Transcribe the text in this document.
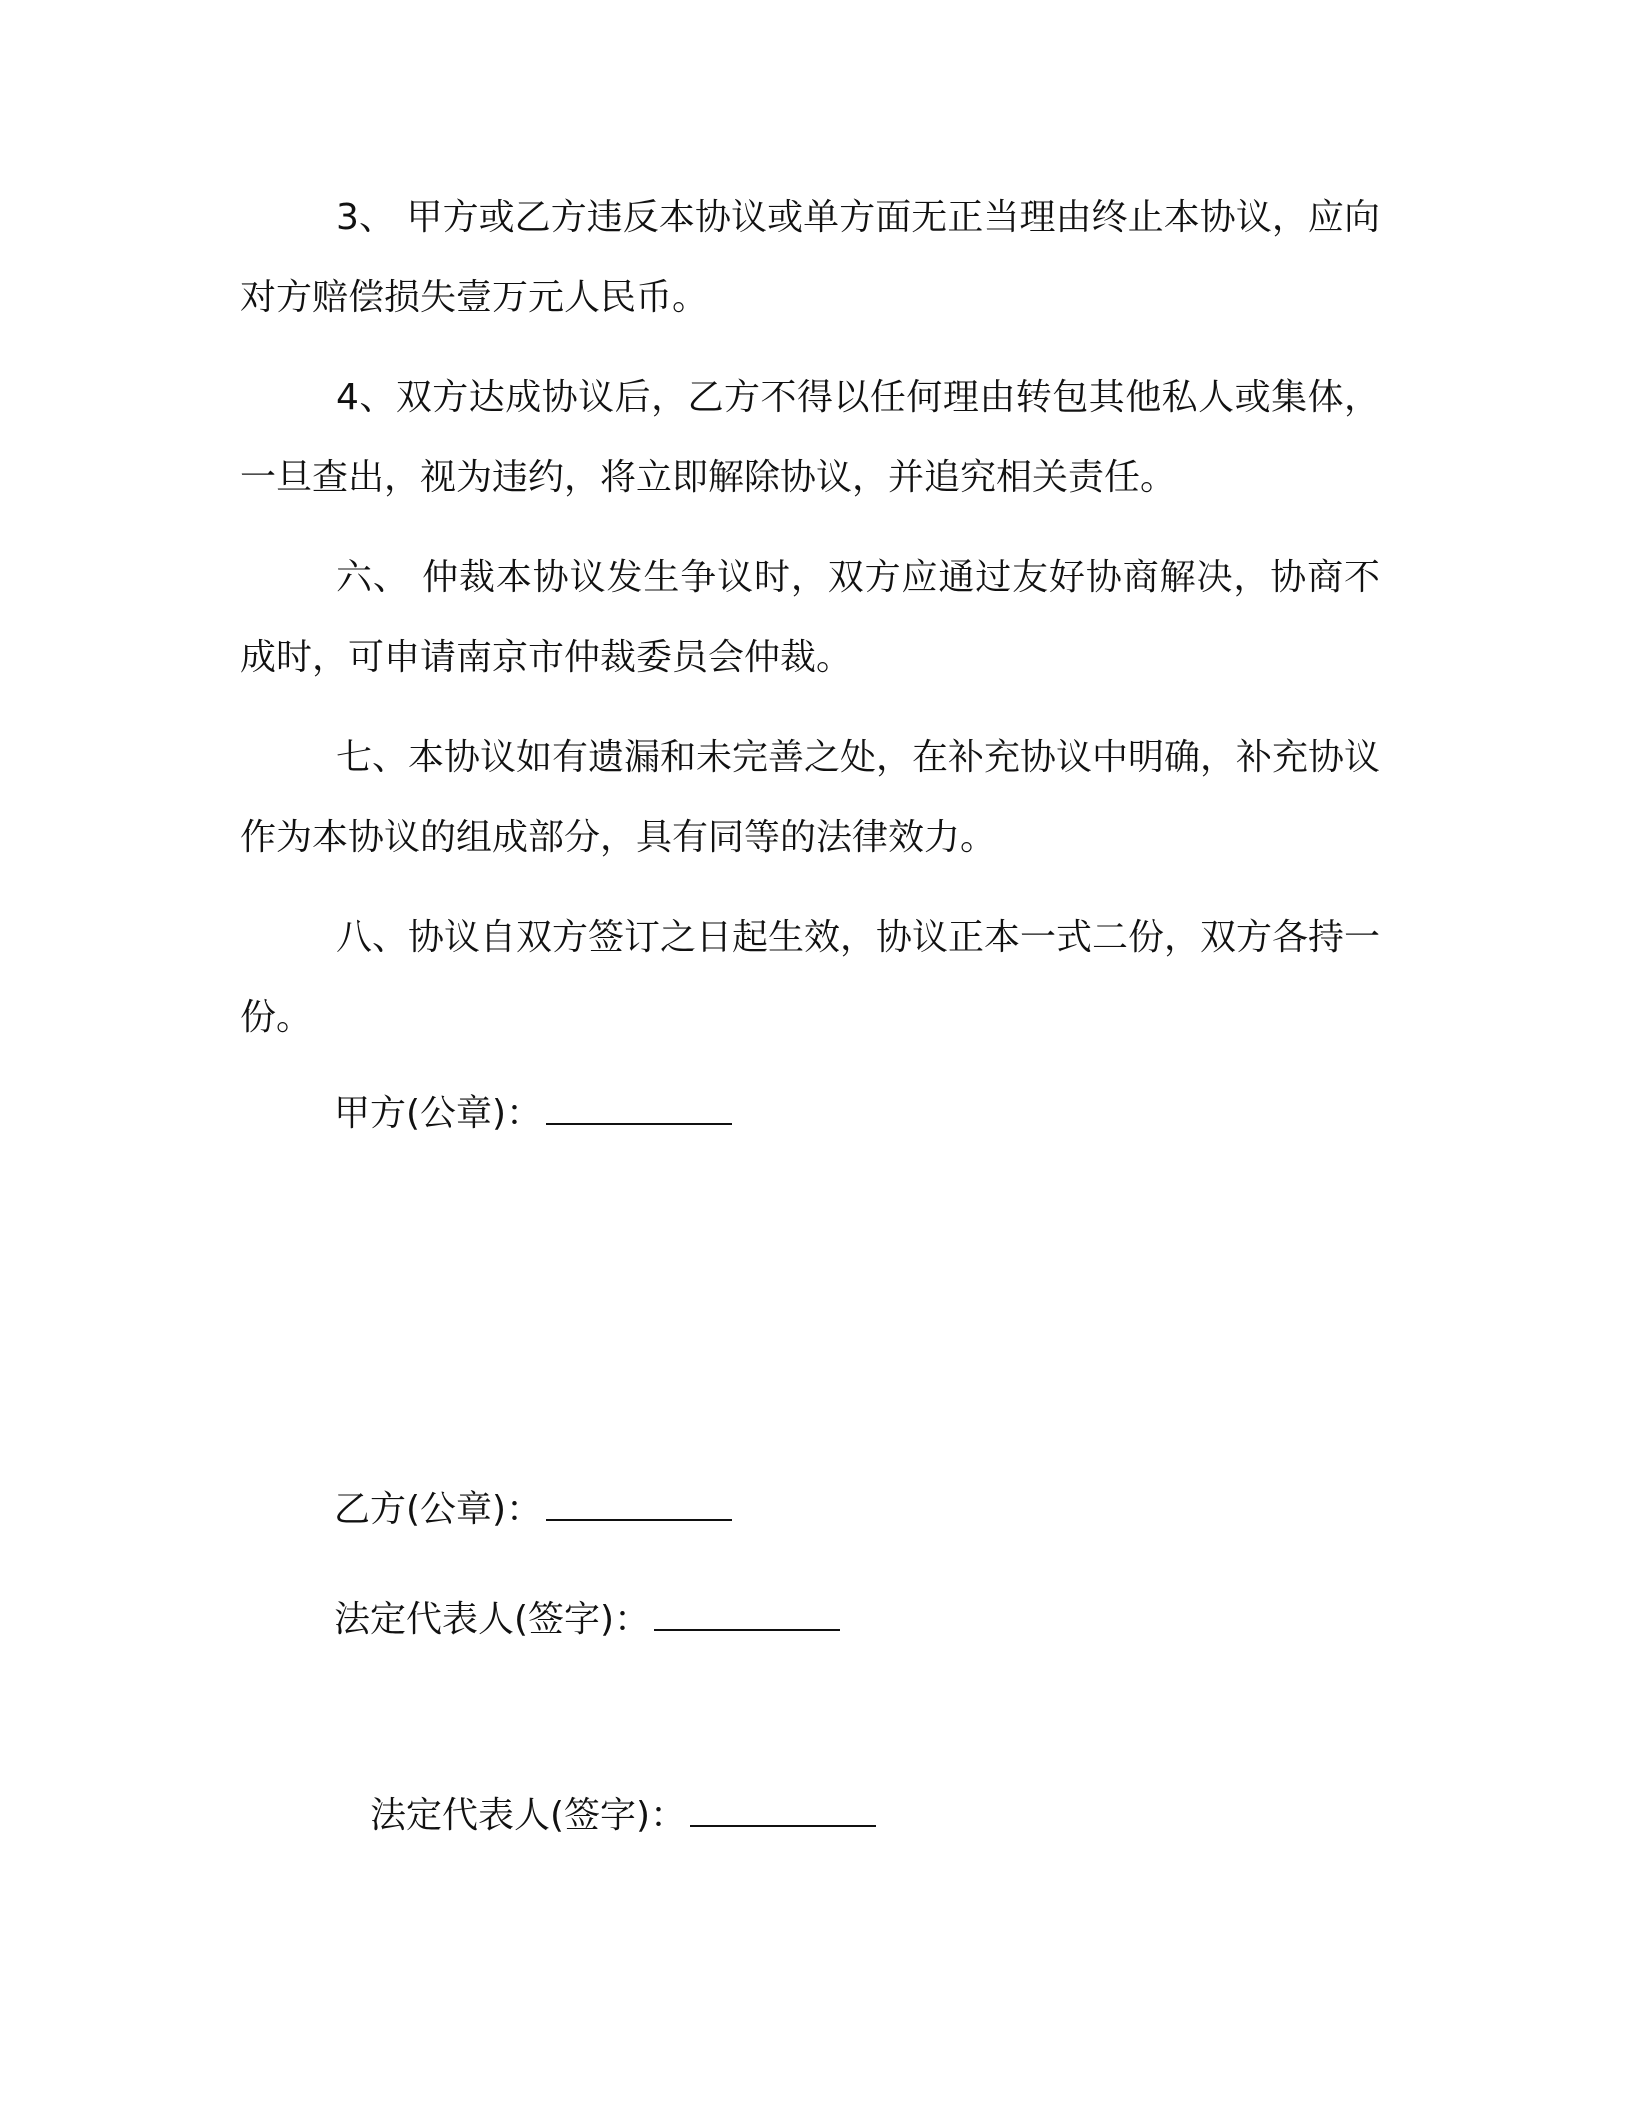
3、 甲方或乙方违反本协议或单方面无正当理由终止本协议，应向对方赔偿损失壹万元人民币。

4、双方达成协议后，乙方不得以任何理由转包其他私人或集体，一旦查出，视为违约，将立即解除协议，并追究相关责任。

六、 仲裁本协议发生争议时，双方应通过友好协商解决，协商不成时，可申请南京市仲裁委员会仲裁。

七、本协议如有遗漏和未完善之处，在补充协议中明确，补充协议作为本协议的组成部分，具有同等的法律效力。

八、协议自双方签订之日起生效，协议正本一式二份，双方各持一份。

甲方(公章)：
乙方(公章)：
法定代表人(签字)：
法定代表人(签字)：
